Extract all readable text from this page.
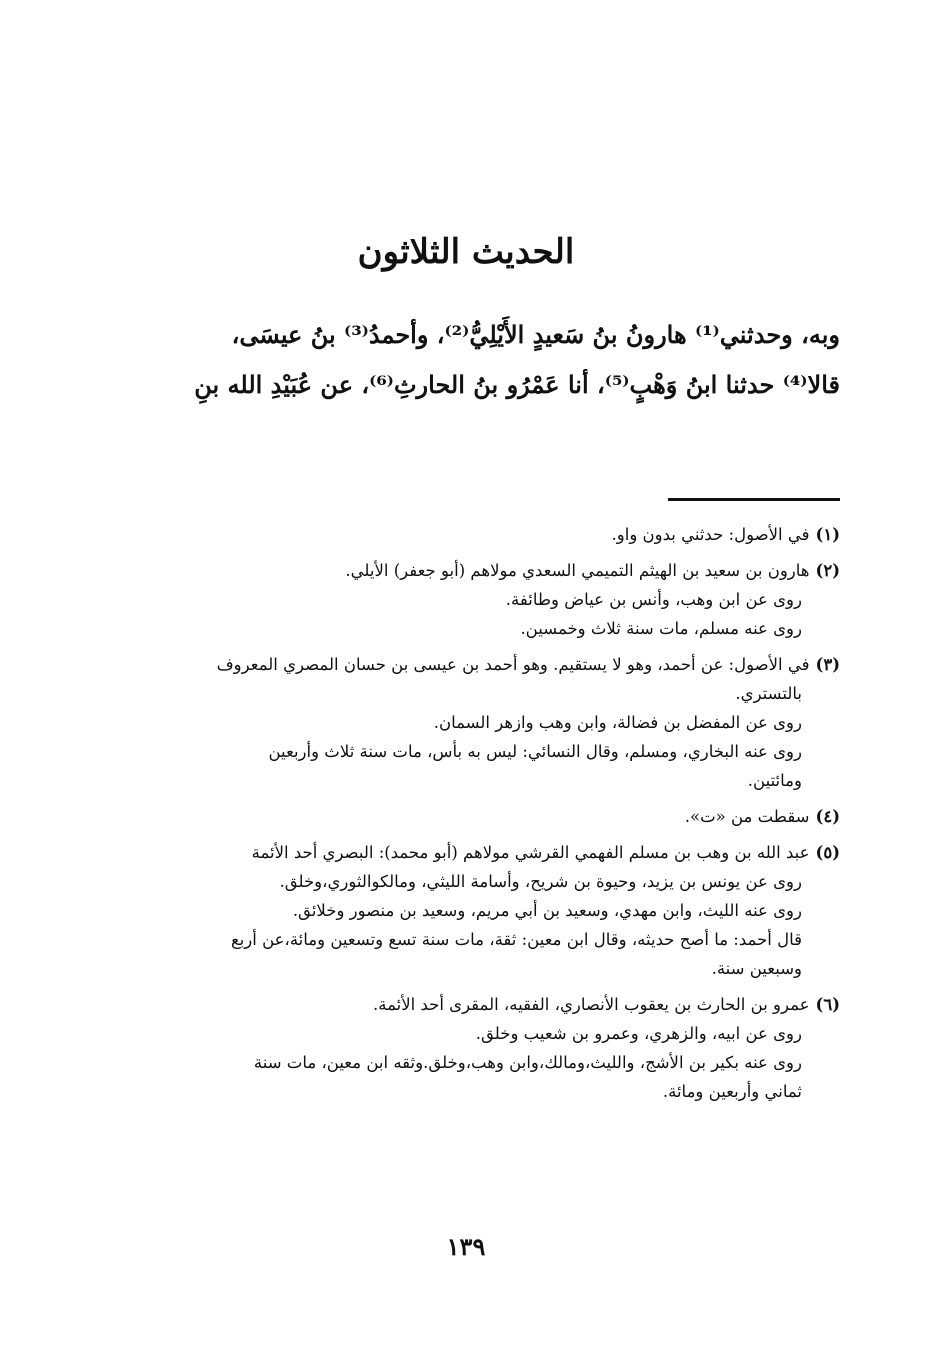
الحديث الثلاثون

وبه، وحدثني⁽¹⁾ هارونُ بنُ سَعيدٍ الأَيْلِيُّ⁽²⁾، وأحمدُ⁽³⁾ بنُ عيسَى،

قالا⁽⁴⁾ حدثنا ابنُ وَهْبٍ⁽⁵⁾، أنا عَمْرُو بنُ الحارثِ⁽⁶⁾، عن عُبَيْدِ الله بنِ

(١)في الأصول: حدثني بدون واو.
(٢)هارون بن سعيد بن الهيثم التميمي السعدي مولاهم (أبو جعفر) الأيلي.
روى عن ابن وهب، وأنس بن عياض وطائفة.
روى عنه مسلم، مات سنة ثلاث وخمسين.
(٣)في الأصول: عن أحمد، وهو لا يستقيم. وهو أحمد بن عيسى بن حسان المصري المعروف
بالتستري.
روى عن المفضل بن فضالة، وابن وهب وازهر السمان.
روى عنه البخاري، ومسلم، وقال النسائي: ليس به بأس، مات سنة ثلاث وأربعين
ومائتين.
(٤)سقطت من «ت».
(٥)عبد الله بن وهب بن مسلم الفهمي القرشي مولاهم (أبو محمد): البصري أحد الأئمة
روى عن يونس بن يزيد، وحيوة بن شريح، وأسامة الليثي، ومالكوالثوري،وخلق.
روى عنه الليث، وابن مهدي، وسعيد بن أبي مريم، وسعيد بن منصور وخلائق.
قال أحمد: ما أصح حديثه، وقال ابن معين: ثقة، مات سنة تسع وتسعين ومائة،عن أربع
وسبعين سنة.
(٦)عمرو بن الحارث بن يعقوب الأنصاري، الفقيه، المقرى أحد الأئمة.
روى عن ابيه، والزهري، وعمرو بن شعيب وخلق.
روى عنه بكير بن الأشج، والليث،ومالك،وابن وهب،وخلق.وثقه ابن معين، مات سنة
ثماني وأربعين ومائة.
١٣٩
